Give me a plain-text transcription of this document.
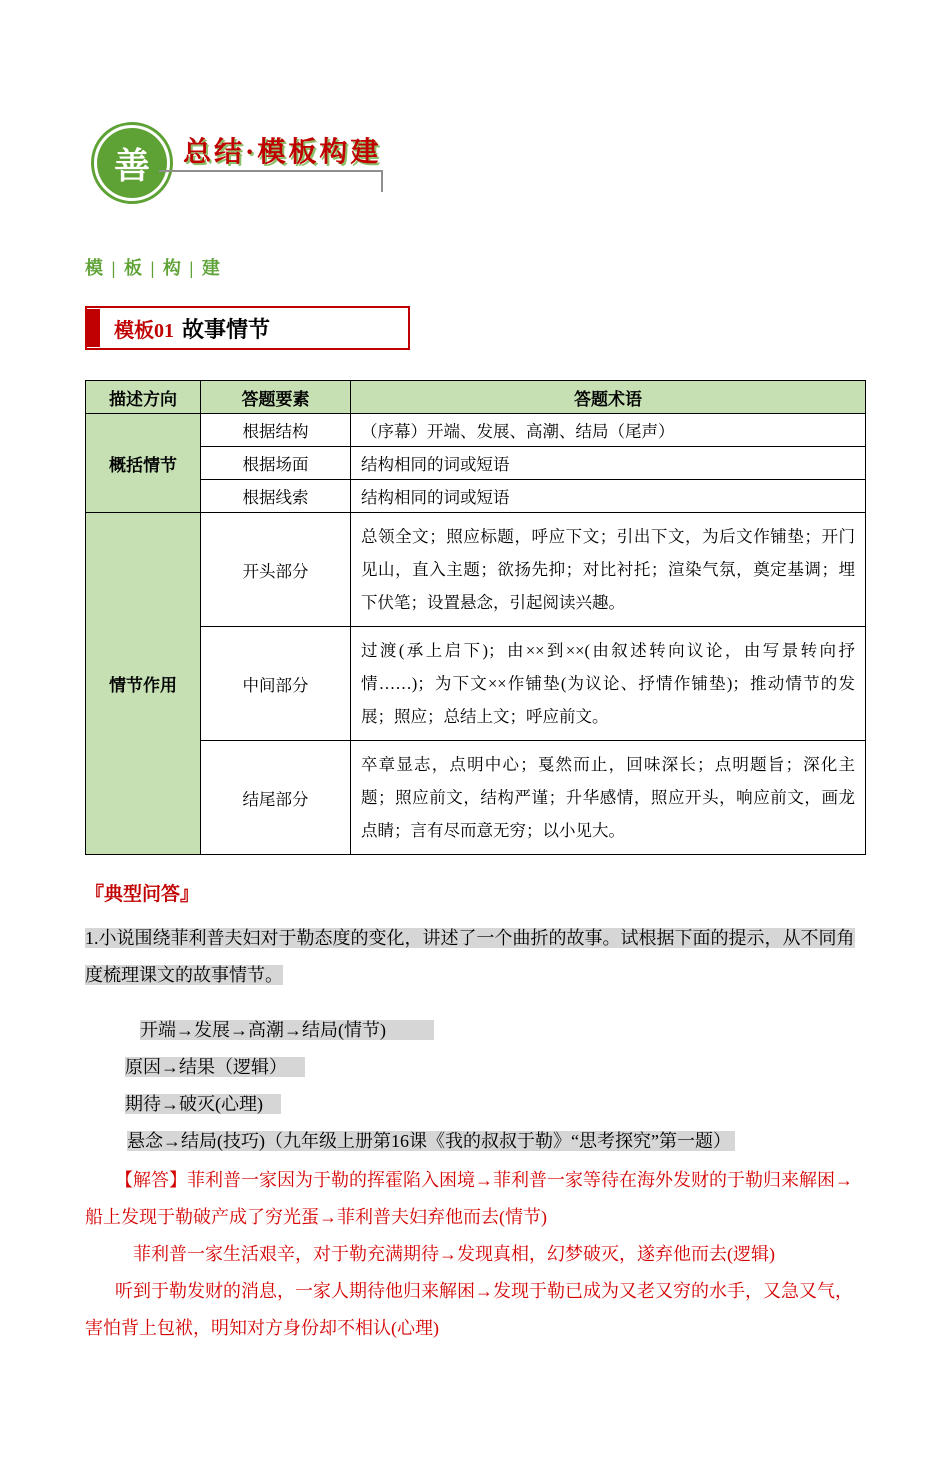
善	总结·模板构建
模 | 板 | 构 | 建
模板01 故事情节
描述方向	答题要素	答题术语
概括情节	根据结构	（序幕）开端、发展、高潮、结局（尾声）
	根据场面	结构相同的词或短语
	根据线索	结构相同的词或短语
情节作用	开头部分	总领全文；照应标题，呼应下文；引出下文，为后文作铺垫；开门见山，直入主题；欲扬先抑；对比衬托；渲染气氛，奠定基调；埋下伏笔；设置悬念，引起阅读兴趣。
	中间部分	过渡(承上启下)；由××到××(由叙述转向议论，由写景转向抒情……)；为下文××作铺垫(为议论、抒情作铺垫)；推动情节的发展；照应；总结上文；呼应前文。
	结尾部分	卒章显志，点明中心；戛然而止，回味深长；点明题旨；深化主题；照应前文，结构严谨；升华感情，照应开头，响应前文，画龙点睛；言有尽而意无穷；以小见大。
『典型问答』

1.小说围绕菲利普夫妇对于勒态度的变化，讲述了一个曲折的故事。试根据下面的提示，从不同角度梳理课文的故事情节。

开端→发展→高潮→结局(情节)

原因→结果（逻辑）

期待→破灭(心理)

悬念→结局(技巧)（九年级上册第16课《我的叔叔于勒》“思考探究”第一题）

【解答】菲利普一家因为于勒的挥霍陷入困境→菲利普一家等待在海外发财的于勒归来解困→船上发现于勒破产成了穷光蛋→菲利普夫妇弃他而去(情节)

菲利普一家生活艰辛，对于勒充满期待→发现真相，幻梦破灭，遂弃他而去(逻辑)

听到于勒发财的消息，一家人期待他归来解困→发现于勒已成为又老又穷的水手，又急又气，害怕背上包袱，明知对方身份却不相认(心理)
